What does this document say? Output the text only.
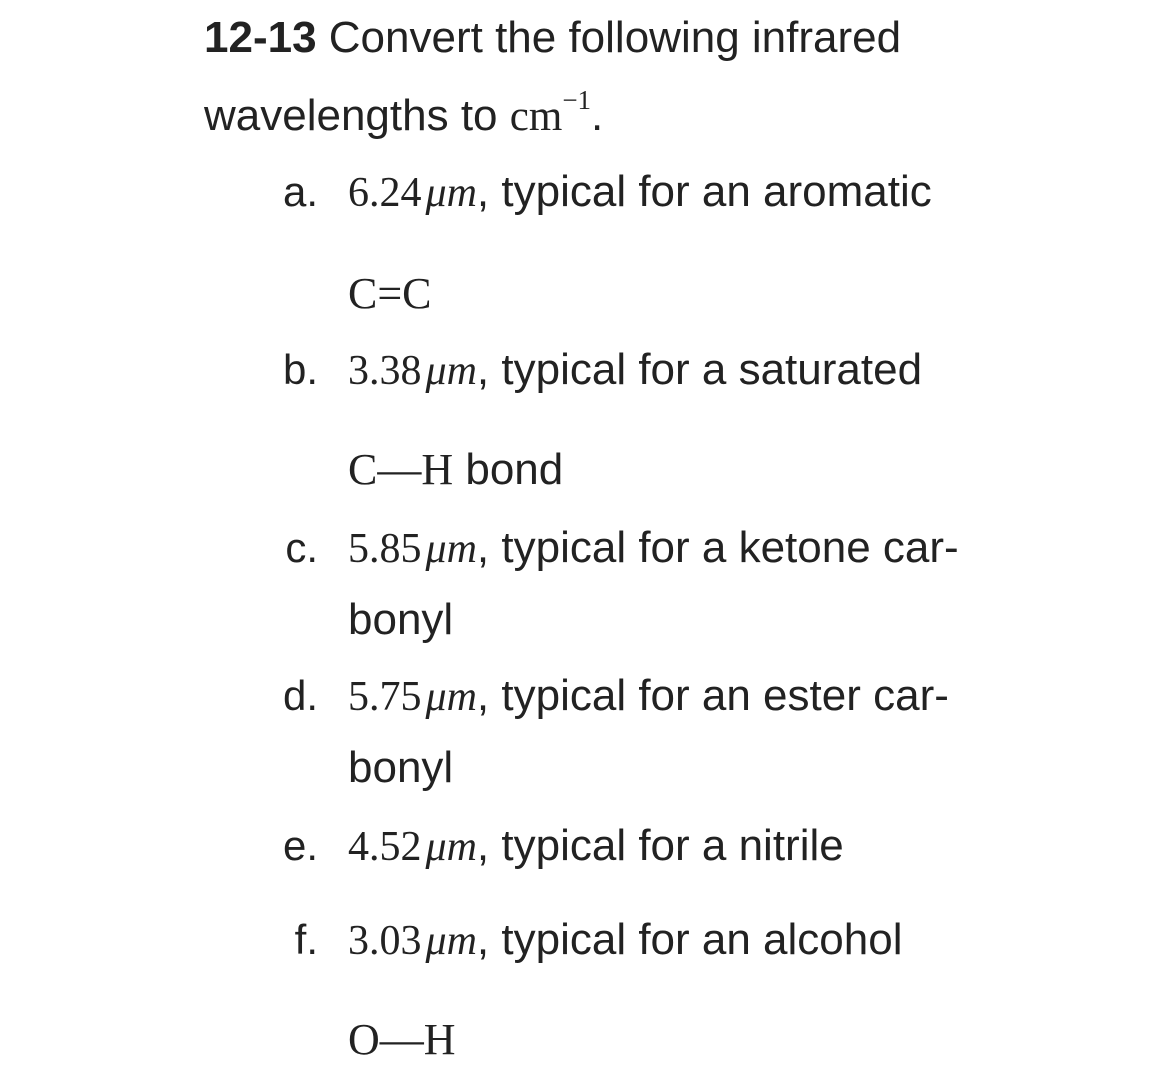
12-13 Convert the following infrared
wavelengths to $cm^{-1}$.
a. 6.24μm, typical for an aromatic
C=C
b. 3.38μm, typical for a saturated
C—H bond
c. 5.85μm, typical for a ketone car-
bonyl
d. 5.75μm, typical for an ester car-
bonyl
e. 4.52μm, typical for a nitrile
f. 3.03μm, typical for an alcohol
O—H
